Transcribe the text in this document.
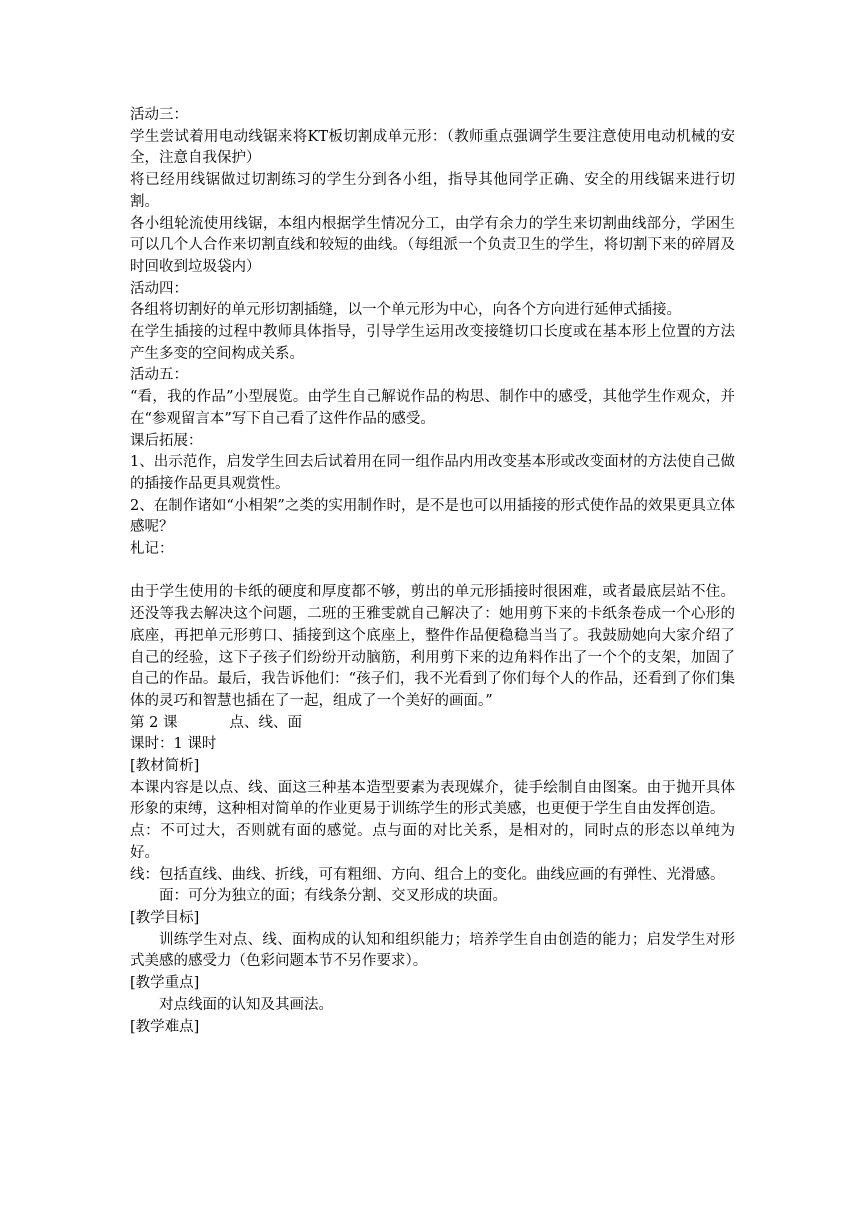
活动三：

学生尝试着用电动线锯来将KT板切割成单元形：（教师重点强调学生要注意使用电动机械的安全，注意自我保护）

将已经用线锯做过切割练习的学生分到各小组，指导其他同学正确、安全的用线锯来进行切割。

各小组轮流使用线锯，本组内根据学生情况分工，由学有余力的学生来切割曲线部分，学困生可以几个人合作来切割直线和较短的曲线。（每组派一个负责卫生的学生，将切割下来的碎屑及时回收到垃圾袋内）

活动四：

各组将切割好的单元形切割插缝，以一个单元形为中心，向各个方向进行延伸式插接。

在学生插接的过程中教师具体指导，引导学生运用改变接缝切口长度或在基本形上位置的方法产生多变的空间构成关系。

活动五：

“看，我的作品”小型展览。由学生自己解说作品的构思、制作中的感受，其他学生作观众，并在“参观留言本”写下自己看了这件作品的感受。

课后拓展：

1、出示范作，启发学生回去后试着用在同一组作品内用改变基本形或改变面材的方法使自己做的插接作品更具观赏性。

2、在制作诸如“小相架”之类的实用制作时，是不是也可以用插接的形式使作品的效果更具立体感呢？

札记：

由于学生使用的卡纸的硬度和厚度都不够，剪出的单元形插接时很困难，或者最底层站不住。还没等我去解决这个问题，二班的王雅雯就自己解决了：她用剪下来的卡纸条卷成一个心形的底座，再把单元形剪口、插接到这个底座上，整件作品便稳稳当当了。我鼓励她向大家介绍了自己的经验，这下子孩子们纷纷开动脑筋，利用剪下来的边角料作出了一个个的支架，加固了自己的作品。最后，我告诉他们：“孩子们，我不光看到了你们每个人的作品，还看到了你们集体的灵巧和智慧也插在了一起，组成了一个美好的画面。”

第 2 课	点、线、面

课时：1 课时

[教材简析]

本课内容是以点、线、面这三种基本造型要素为表现媒介，徒手绘制自由图案。由于抛开具体形象的束缚，这种相对简单的作业更易于训练学生的形式美感，也更便于学生自由发挥创造。

点：不可过大，否则就有面的感觉。点与面的对比关系，是相对的，同时点的形态以单纯为好。

线：包括直线、曲线、折线，可有粗细、方向、组合上的变化。曲线应画的有弹性、光滑感。

面：可分为独立的面；有线条分割、交叉形成的块面。

[教学目标]

训练学生对点、线、面构成的认知和组织能力；培养学生自由创造的能力；启发学生对形式美感的感受力（色彩问题本节不另作要求）。

[教学重点]

对点线面的认知及其画法。

[教学难点]
